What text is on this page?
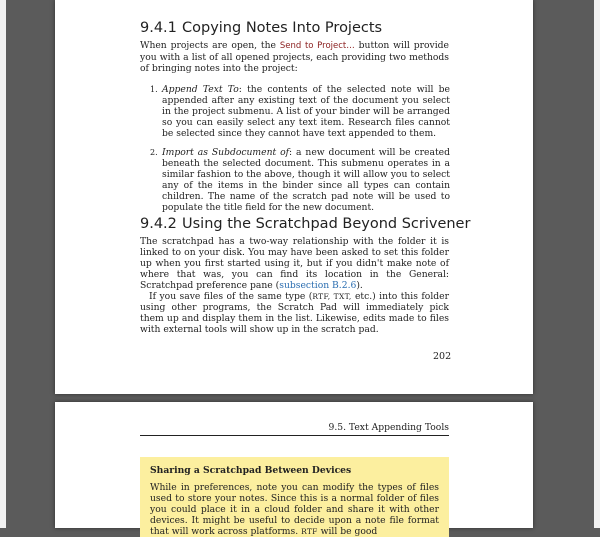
9.4.1 Copying Notes Into Projects

When projects are open, the Send to Project… button will provide you with a list of all opened projects, each providing two methods of bringing notes into the project:

1. Append Text To: the contents of the selected note will be appended after any existing text of the document you select in the project submenu. A list of your binder will be arranged so you can easily select any text item. Research files cannot be selected since they cannot have text appended to them.
2. Import as Subdocument of: a new document will be created beneath the selected document. This submenu operates in a similar fashion to the above, though it will allow you to select any of the items in the binder since all types can contain children. The name of the scratch pad note will be used to populate the title field for the new document.
9.4.2 Using the Scratchpad Beyond Scrivener

The scratchpad has a two-way relationship with the folder it is linked to on your disk. You may have been asked to set this folder up when you first started using it, but if you didn't make note of where that was, you can find its location in the General: Scratchpad preference pane (subsection B.2.6).

If you save files of the same type (RTF, TXT, etc.) into this folder using other programs, the Scratch Pad will immediately pick them up and display them in the list. Likewise, edits made to files with external tools will show up in the scratch pad.

202
9.5. Text Appending Tools
Sharing a Scratchpad Between Devices
While in preferences, note you can modify the types of files used to store your notes. Since this is a normal folder of files you could place it in a cloud folder and share it with other devices. It might be useful to decide upon a note file format that will work across platforms. RTF will be good
